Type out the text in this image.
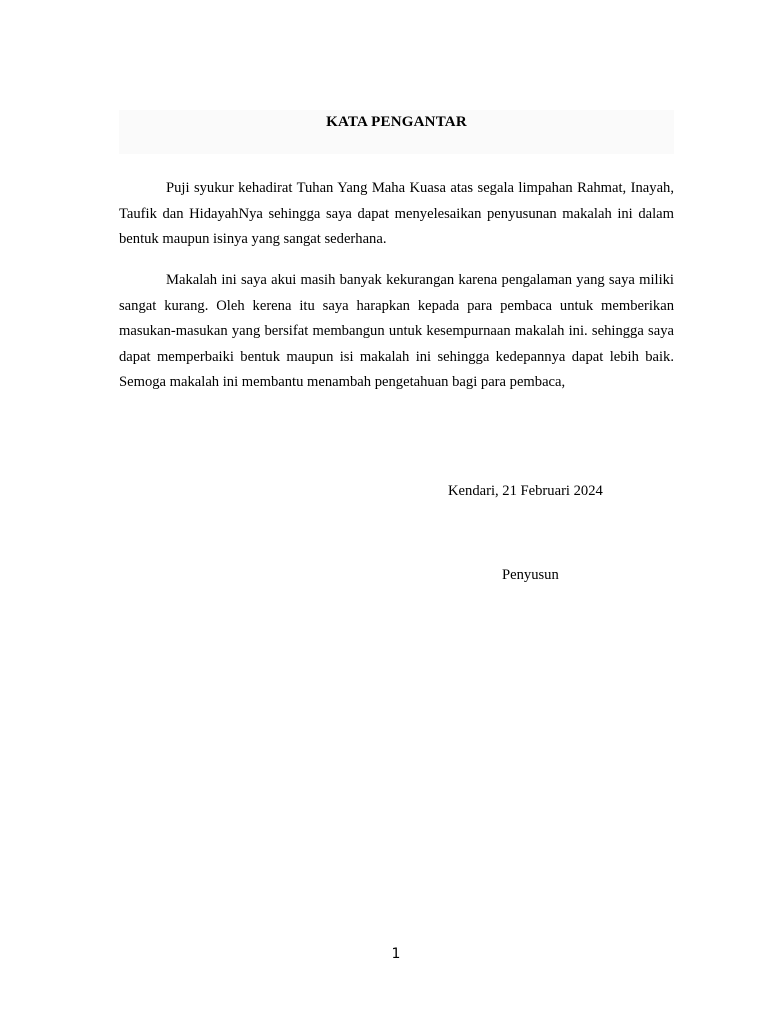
KATA PENGANTAR

Puji syukur kehadirat Tuhan Yang Maha Kuasa atas segala limpahan Rahmat, Inayah, Taufik dan HidayahNya sehingga saya dapat menyelesaikan penyusunan makalah ini dalam bentuk maupun isinya yang sangat sederhana.

Makalah ini saya akui masih banyak kekurangan karena pengalaman yang saya miliki sangat kurang. Oleh kerena itu saya harapkan kepada para pembaca untuk memberikan masukan-masukan yang bersifat membangun untuk kesempurnaan makalah ini. sehingga saya dapat memperbaiki bentuk maupun isi makalah ini sehingga kedepannya dapat lebih baik. Semoga makalah ini membantu menambah pengetahuan bagi para pembaca,

Kendari, 21 Februari 2024
Penyusun
1
